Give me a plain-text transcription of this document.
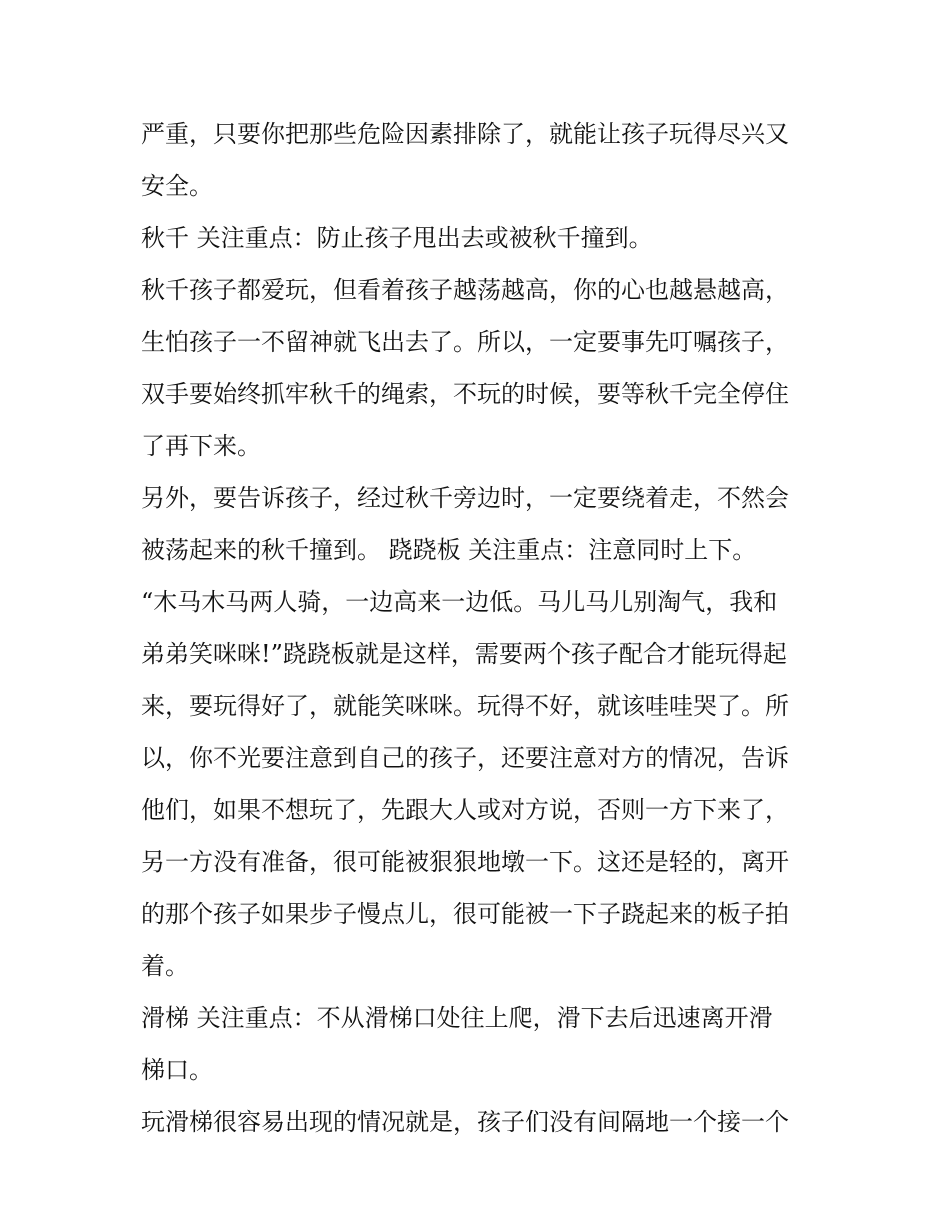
严重，只要你把那些危险因素排除了，就能让孩子玩得尽兴又
安全。
秋千 关注重点：防止孩子甩出去或被秋千撞到。
秋千孩子都爱玩，但看着孩子越荡越高，你的心也越悬越高，
生怕孩子一不留神就飞出去了。所以，一定要事先叮嘱孩子，
双手要始终抓牢秋千的绳索，不玩的时候，要等秋千完全停住
了再下来。
另外，要告诉孩子，经过秋千旁边时，一定要绕着走，不然会
被荡起来的秋千撞到。 跷跷板 关注重点：注意同时上下。
“木马木马两人骑，一边高来一边低。马儿马儿别淘气，我和
弟弟笑咪咪!”跷跷板就是这样，需要两个孩子配合才能玩得起
来，要玩得好了，就能笑咪咪。玩得不好，就该哇哇哭了。所
以，你不光要注意到自己的孩子，还要注意对方的情况，告诉
他们，如果不想玩了，先跟大人或对方说，否则一方下来了，
另一方没有准备，很可能被狠狠地墩一下。这还是轻的，离开
的那个孩子如果步子慢点儿，很可能被一下子跷起来的板子拍
着。
滑梯 关注重点：不从滑梯口处往上爬，滑下去后迅速离开滑
梯口。
玩滑梯很容易出现的情况就是，孩子们没有间隔地一个接一个
